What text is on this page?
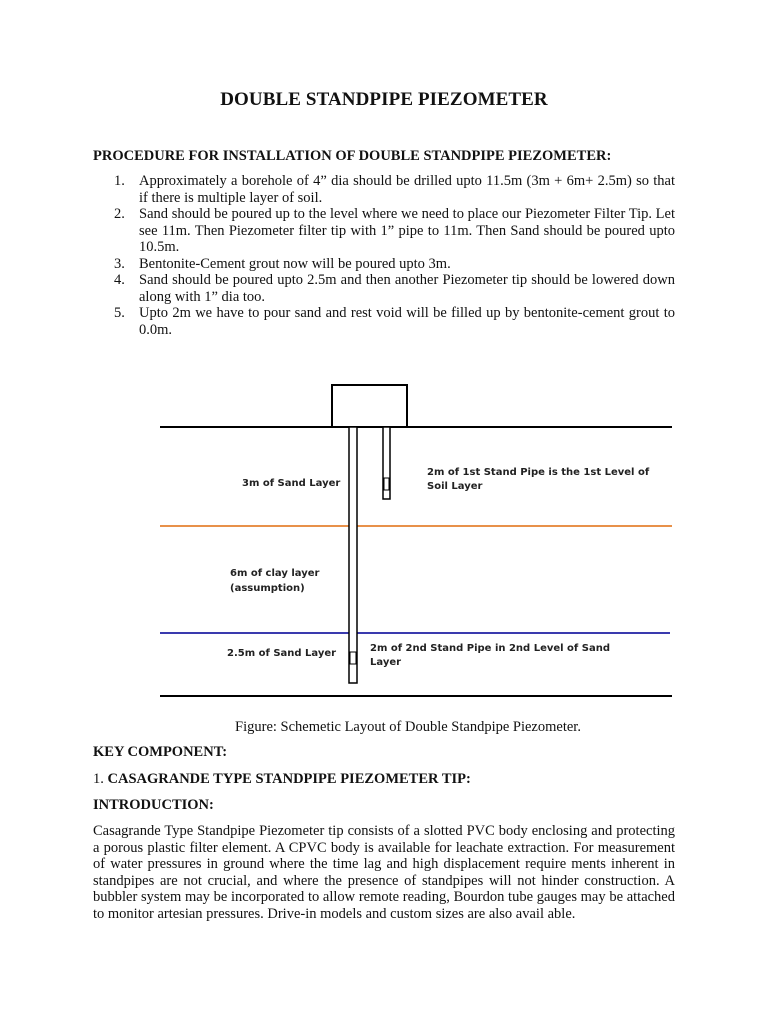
DOUBLE STANDPIPE PIEZOMETER
PROCEDURE FOR INSTALLATION OF DOUBLE STANDPIPE PIEZOMETER:
1. Approximately a borehole of 4” dia should be drilled upto 11.5m (3m + 6m+ 2.5m) so that if there is multiple layer of soil.
2. Sand should be poured up to the level where we need to place our Piezometer Filter Tip. Let see 11m. Then Piezometer filter tip with 1” pipe to 11m. Then Sand should be poured upto 10.5m.
3. Bentonite-Cement grout now will be poured upto 3m.
4. Sand should be poured upto 2.5m and then another Piezometer tip should be lowered down along with 1” dia too.
5. Upto 2m we have to pour sand and rest void will be filled up by bentonite-cement grout to 0.0m.
3m of Sand Layer
2m of 1st Stand Pipe is the 1st Level of
Soil Layer
6m of clay layer
(assumption)
2.5m of Sand Layer	2m of 2nd Stand Pipe in 2nd Level of Sand
Layer
Figure: Schemetic Layout of Double Standpipe Piezometer.
KEY COMPONENT:
1. CASAGRANDE TYPE STANDPIPE PIEZOMETER TIP:
INTRODUCTION:

Casagrande Type Standpipe Piezometer tip consists of a slotted PVC body enclosing and protecting a porous plastic filter element. A CPVC body is available for leachate extraction. For measurement of water pressures in ground where the time lag and high displacement require ments inherent in standpipes are not crucial, and where the presence of standpipes will not hinder construction. A bubbler system may be incorporated to allow remote reading, Bourdon tube gauges may be attached to monitor artesian pressures. Drive-in models and custom sizes are also avail able.
